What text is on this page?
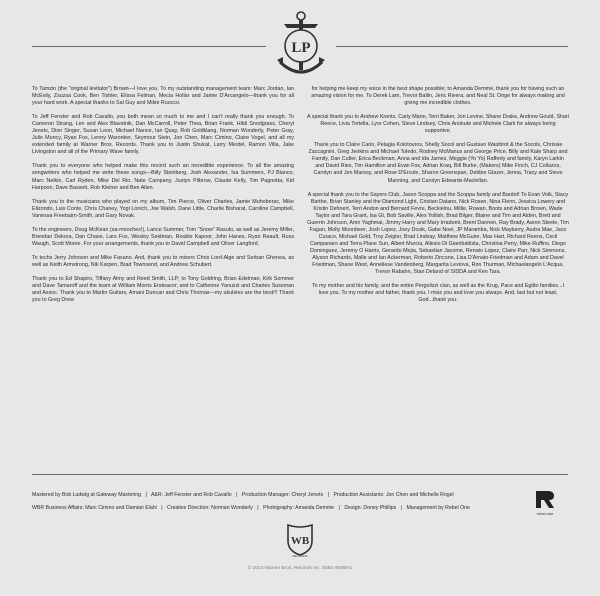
LP

To Tamzin (the "original levitator") Brown—I love you. To my outstanding management team: Marc Jordan, Ian McEvily, Zsuzsa Cook, Ben Tishler, Elissa Felman, Mecia Hollar and Jamie D'Arcangelo—thank you for all your hard work. A special thanks to Sal Guy and Mikie Ruocco.

To Jeff Fenster and Rob Cavallo, you both mean so much to me and I can't really thank you enough. To Cameron Strang, Len and Alex Blavatnik, Dan McCarroll, Peter Thea, Brian Frank, Hildi Snodgrass, Cheryl Jenets, Dion Singer, Susan Leon, Michael Nance, Ian Quay, Rob Goldklang, Norman Wonderly, Peter Gray, Julie Muncy, Ryan Fox, Lenny Waronker, Seymour Stein, Jon Chen, Marc Cimino, Claire Vogel, and all my extended family at Warner Bros. Records. Thank you to Justin Shukat, Larry Mestel, Ramon Villa, Jake Livingston and all of the Primary Wave family.

Thank you to everyone who helped make this record such an incredible experience. To all the amazing songwriters who helped me write these songs—Billy Steinberg, Josh Alexander, Isa Summers, PJ Bianco, Marc Nelkin, Carl Ryden, Mike Del Rio, Nate Campany, Justyn Pilbrow, Claude Kelly, Tim Pagnotta, Kid Harpoon, Dave Bassett, Rob Kleiner and Ben Allen.

Thank you to the musicians who played on my album, Tim Pierce, Oliver Charles, Jamie Muhoberac, Mike Elizondo, Luis Conte, Chris Chaney, Yogi Lonich, Joe Walsh, Dane Little, Charlie Bisharat, Caroline Campbell, Vanessa Freebairn-Smith, and Gary Novak.

To the engineers, Doug McKean (sa-mooches!), Lance Summer, Tom "Snow" Rasulo, as well as Jeremy Miller, Brendan Dekora, Dan Chase, Lars Fox, Wesley Seidman, Rouble Kapoor, John Hanes, Ryan Reault, Russ Waugh, Scott Moore. For your arrangements, thank you to David Campbell and Oliver Langford.

To techs Jerry Johnson and Mike Fasano. And, thank you to mixers Chris Lord-Alge and Serban Ghenea, as well as Keith Armstrong, Nik Karpen, Brad Townsend, and Andrew Schubert.

Thank you to Ed Shapiro, Tiffany Almy and Reed Smith, LLP; to Tony Goldring, Brian Edelman, Kirk Sommer and Dave Tamaroff and the team at William Morris Endeavor; and to Catherine Yanuzzi and Charles Sussman and Assoc. Thank you to Martin Guitars, Amani Duncan and Chris Thomas—my ukuleles are the best!!! Thank you to Greg Drew

for helping me keep my voice in the best shape possible; to Amanda Demme, thank you for having such an amazing vision for me. To Derek Lam, Trevor Ballin, Jeric Rivera, and Neal St. Onge for always making and giving me incredible clothes.

A special thank you to Andrew Krents, Carly Mann, Terri Baker, Jon Levine, Shane Drake, Andrew Gould, Shari Reece, Livia Tortella, Lyor Cohen, Steve Lindsey, Chris Anokute and Michele Clark for always being supportive.

Thank you to Claire Cario, Pelagia Kolotouros, Shelly Socol and Gustavo Waizbrot & the Socols, Chrissie Zaccagnini, Greg Jenkins and Michael Toledo, Rodney McManus and George Price, Billy and Kate Sharp and Family, Dan Cutler, Erica Beckman, Anna and Ida James, Meggie (Yo Yo) Rafferty and family, Karyn Larkin and David Ries, Tim Hamilton and Evan Fox, Adrian Kraq, Bill Burke, (Makers) Mike Finch, CJ Collazos, Carolyn and Jen Marosy, and Rose D'Ercole, Sharon Greenspan, Debbie Glazer, Jenna, Tracy and Steve Manning, and Carolyn Edwards-Maclellan.

A special thank you to the Sayers Club, Jason Scoppa and the Scoppa family and Bardot! To Evan Volk, Stacy Barthe, Brian Stanley and the Diamond Light, Cristian Dalano, Nick Rosen, Nina Flenn, Jessica Lowery and Kristin Dehnert, Terri Andon and Bernard Fevre, Beckielou, Millie, Rowan, Boots and Adrian Brown, Wade Taylor and Tara Grant, Isa Gt, Bob Saville, Alex Yollish, Brad Bilger, Blaine and Tim and Alden, Brett and Guerrin Johnson, Amir Yaghmai, Jimmy Harry and Mary Irradomi, Brent Dannen, Ray Brady, Aaron Steele, Tim Fagan, Molly Moonbeer, Josh Lopez, Joey Dosik, Gabe Noel, JP Maramba, Nick Mayberry, Audra Mae, Jaco Curaco, Michael Gold, Troy Zeigler, Brad Lindsay, Matthew McGuire, Max Hart, Richard Reens, Cecil Campanaro and Terra Plane Sun, Albert Murcia, Allesio Di Giambattista, Christina Perry, Mike Ruffino, Diego Dominguez, Jeremy O Harris, Gerardo Mejia, Sebastian Jacome, Renato Lopez, Claire Parr, Nick Simmons, Alyson Richards, Malle and Ian Ackerman, Roberto Zincone, Lisa D'Amato-Friedman and Adam and Davel Friedman, Shane West, Anneliese Vandenberg, Margarita Leviova, Ron Thurman, Michaelangelo L'Acqua, Trevor Rabahn, Stan Deland of SIDDA and Ken Tara.

To my mother and his family, and the entire Pergolizzi clan, as well as the Krug, Pace and Egitto families...I love you. To my mother and father, thank you. I miss you and love you always. And, last but not least, God...thank you.

Mastered by Bob Ludwig at Gateway Mastering | A&R: Jeff Fenster and Rob Cavallo | Production Manager: Cheryl Jenets | Production Assistants: Jon Chen and Michelle Rogel
WBR Business Affairs: Marc Cimino and Damian Elahi | Creative Direction: Norman Wonderly | Photography: Amanda Demme | Design: Doney Phillips | Management by Rebel One
rebel one
WB
RECORDS
© 2014 Warner Bros. Records Inc. 9362-49368-1
